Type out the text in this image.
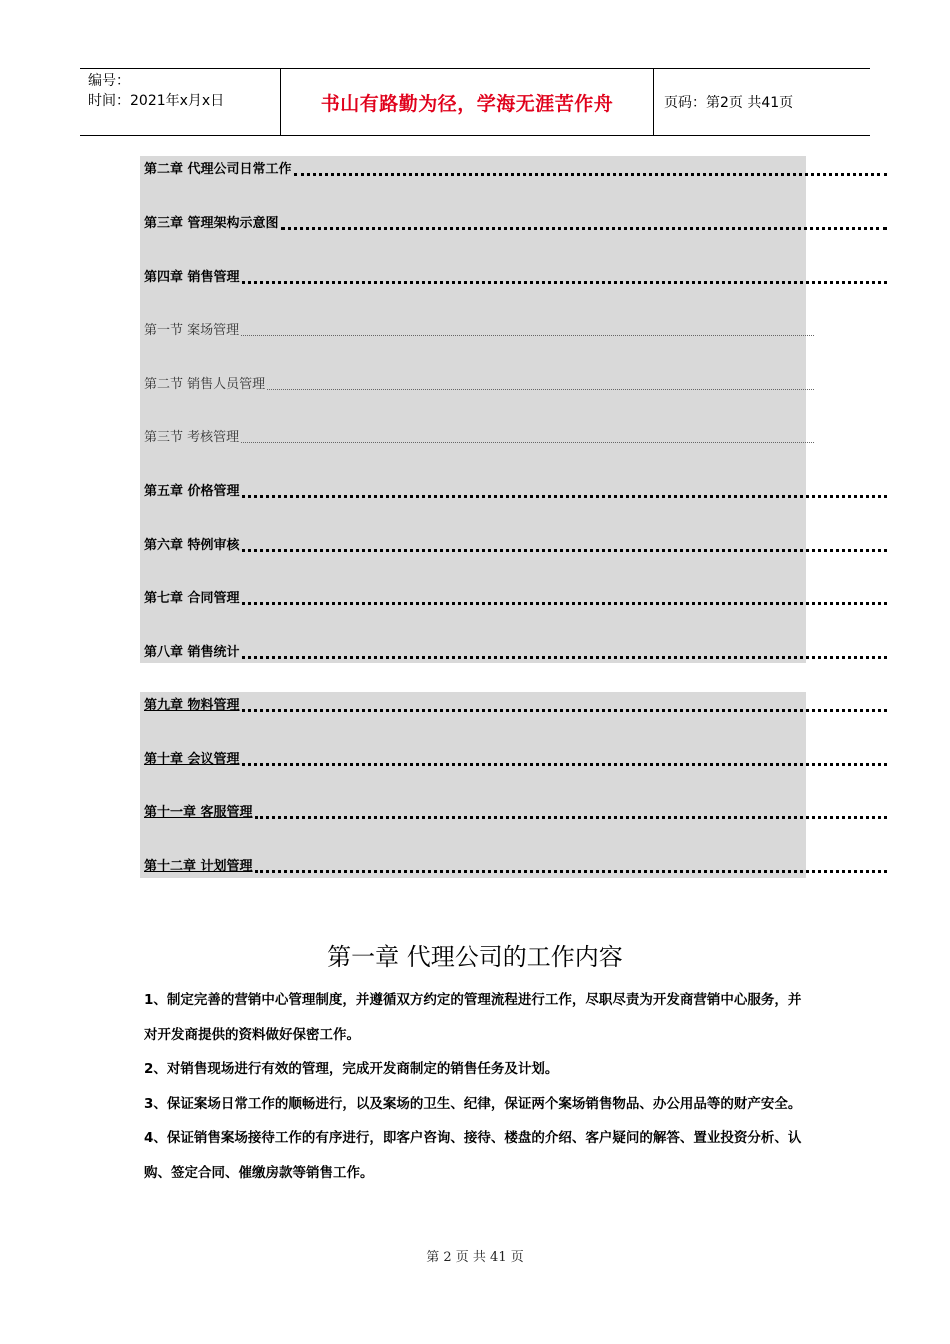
编号：
时间：2021年x月x日	书山有路勤为径，学海无涯苦作舟	页码：第2页 共41页
第二章 代理公司日常工作
第三章 管理架构示意图
第四章 销售管理
第一节 案场管理
第二节 销售人员管理
第三节 考核管理
第五章 价格管理
第六章 特例审核
第七章 合同管理
第八章 销售统计
第九章 物料管理
第十章 会议管理
第十一章 客服管理
第十二章 计划管理
第一章 代理公司的工作内容

1、制定完善的营销中心管理制度，并遵循双方约定的管理流程进行工作，尽职尽责为开发商营销中心服务，并对开发商提供的资料做好保密工作。

2、对销售现场进行有效的管理，完成开发商制定的销售任务及计划。

3、保证案场日常工作的顺畅进行，以及案场的卫生、纪律，保证两个案场销售物品、办公用品等的财产安全。

4、保证销售案场接待工作的有序进行，即客户咨询、接待、楼盘的介绍、客户疑问的解答、置业投资分析、认购、签定合同、催缴房款等销售工作。

第 2 页 共 41 页
